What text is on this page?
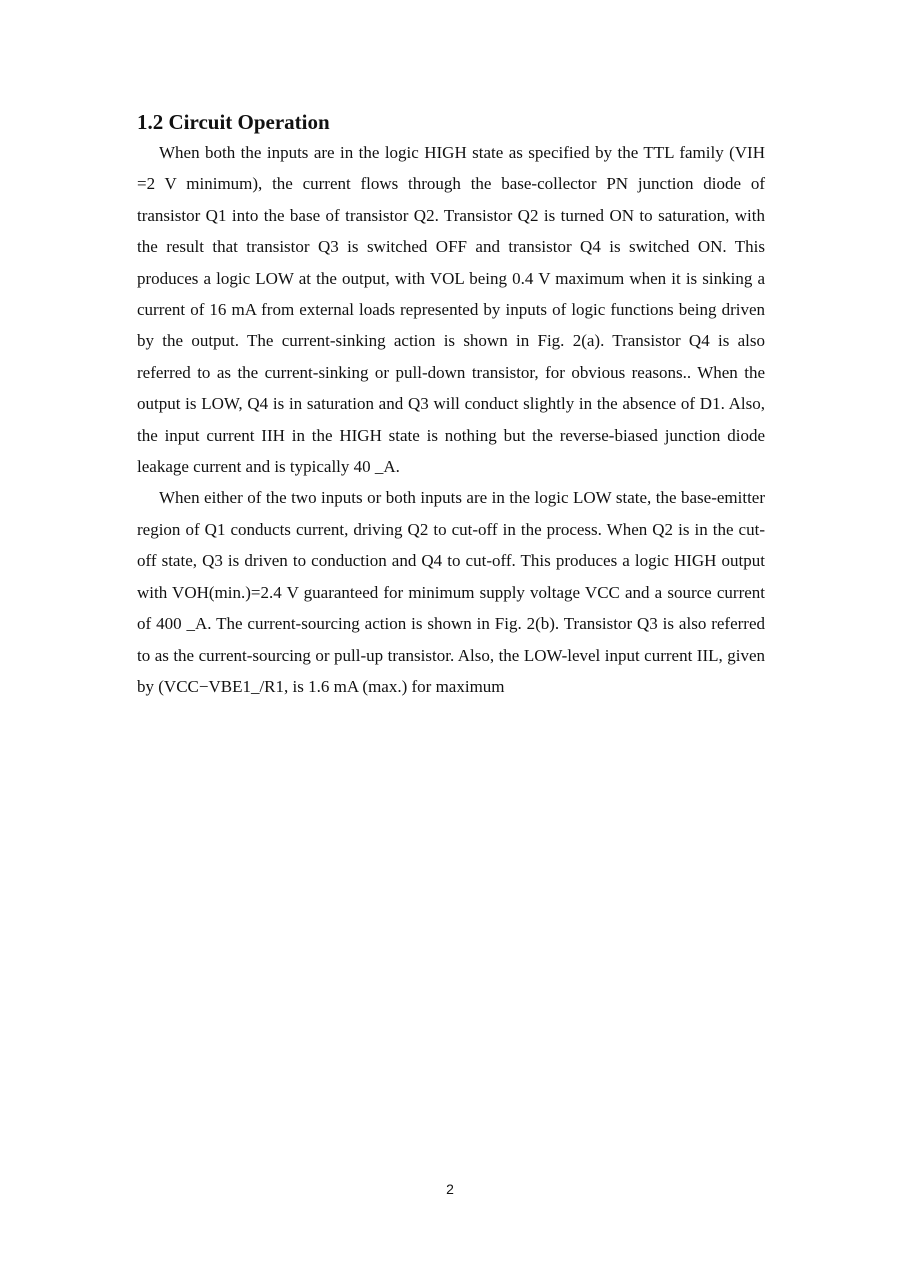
1.2 Circuit Operation

When both the inputs are in the logic HIGH state as specified by the TTL family (VIH =2 V minimum), the current flows through the base-collector PN junction diode of transistor Q1 into the base of transistor Q2. Transistor Q2 is turned ON to saturation, with the result that transistor Q3 is switched OFF and transistor Q4 is switched ON. This produces a logic LOW at the output, with VOL being 0.4 V maximum when it is sinking a current of 16 mA from external loads represented by inputs of logic functions being driven by the output. The current-sinking action is shown in Fig. 2(a). Transistor Q4 is also referred to as the current-sinking or pull-down transistor, for obvious reasons.. When the output is LOW, Q4 is in saturation and Q3 will conduct slightly in the absence of D1. Also, the input current IIH in the HIGH state is nothing but the reverse-biased junction diode leakage current and is typically 40 _A.

When either of the two inputs or both inputs are in the logic LOW state, the base-emitter region of Q1 conducts current, driving Q2 to cut-off in the process. When Q2 is in the cut-off state, Q3 is driven to conduction and Q4 to cut-off. This produces a logic HIGH output with VOH(min.)=2.4 V guaranteed for minimum supply voltage VCC and a source current of 400 _A. The current-sourcing action is shown in Fig. 2(b). Transistor Q3 is also referred to as the current-sourcing or pull-up transistor. Also, the LOW-level input current IIL, given by (VCC−VBE1_/R1, is 1.6 mA (max.) for maximum

2
